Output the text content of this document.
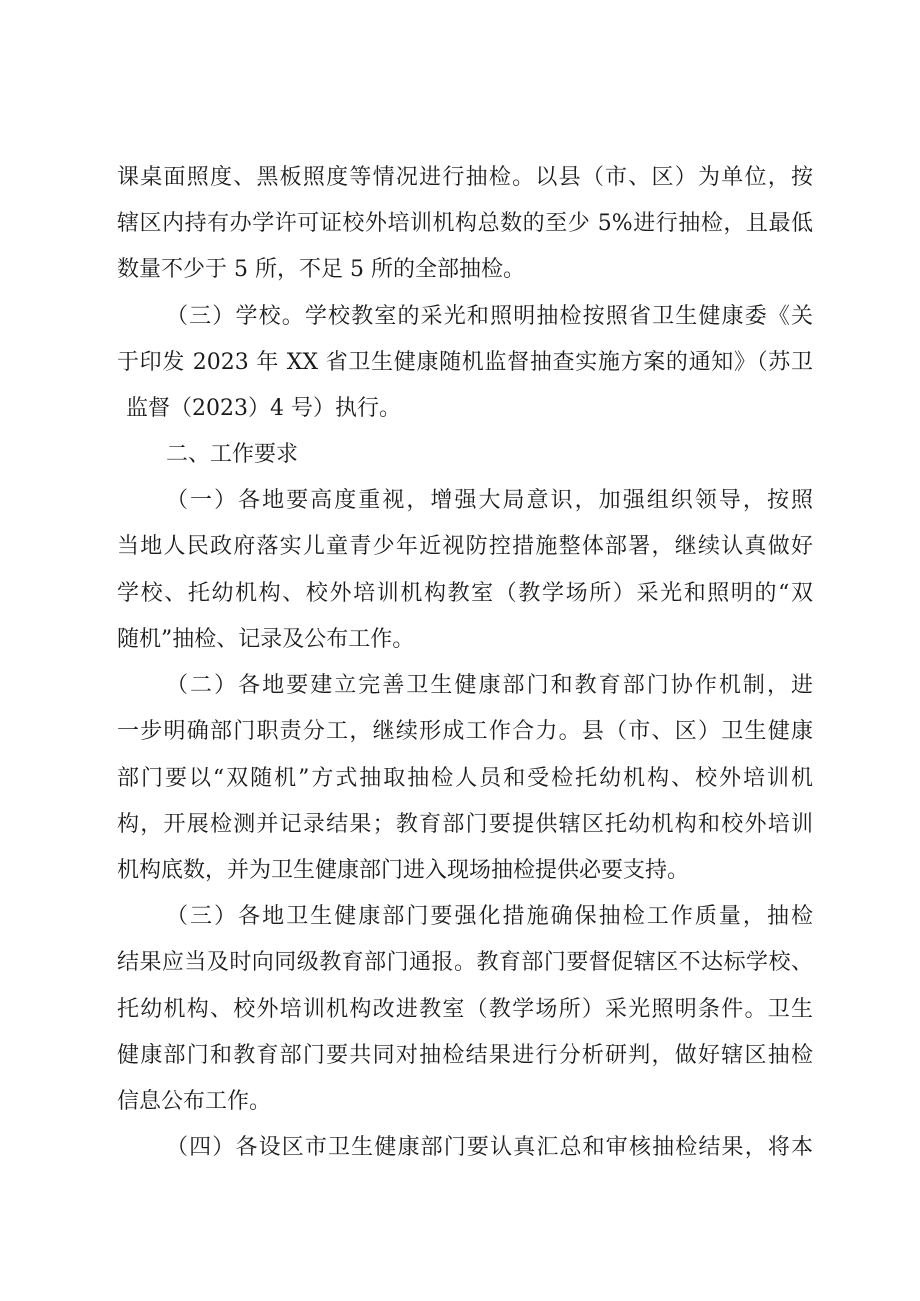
课桌面照度、黑板照度等情况进行抽检。以县（市、区）为单位，按
辖区内持有办学许可证校外培训机构总数的至少 5%进行抽检，且最低
数量不少于 5 所，不足 5 所的全部抽检。
（三）学校。学校教室的采光和照明抽检按照省卫生健康委《关
于印发 2023 年 XX 省卫生健康随机监督抽查实施方案的通知》（苏卫
监督（2023）4 号）执行。
二、工作要求
（一）各地要高度重视，增强大局意识，加强组织领导，按照
当地人民政府落实儿童青少年近视防控措施整体部署，继续认真做好
学校、托幼机构、校外培训机构教室（教学场所）采光和照明的“双
随机”抽检、记录及公布工作。
（二）各地要建立完善卫生健康部门和教育部门协作机制，进
一步明确部门职责分工，继续形成工作合力。县（市、区）卫生健康
部门要以“双随机”方式抽取抽检人员和受检托幼机构、校外培训机
构，开展检测并记录结果；教育部门要提供辖区托幼机构和校外培训
机构底数，并为卫生健康部门进入现场抽检提供必要支持。
（三）各地卫生健康部门要强化措施确保抽检工作质量，抽检
结果应当及时向同级教育部门通报。教育部门要督促辖区不达标学校、
托幼机构、校外培训机构改进教室（教学场所）采光照明条件。卫生
健康部门和教育部门要共同对抽检结果进行分析研判，做好辖区抽检
信息公布工作。
（四）各设区市卫生健康部门要认真汇总和审核抽检结果，将本
